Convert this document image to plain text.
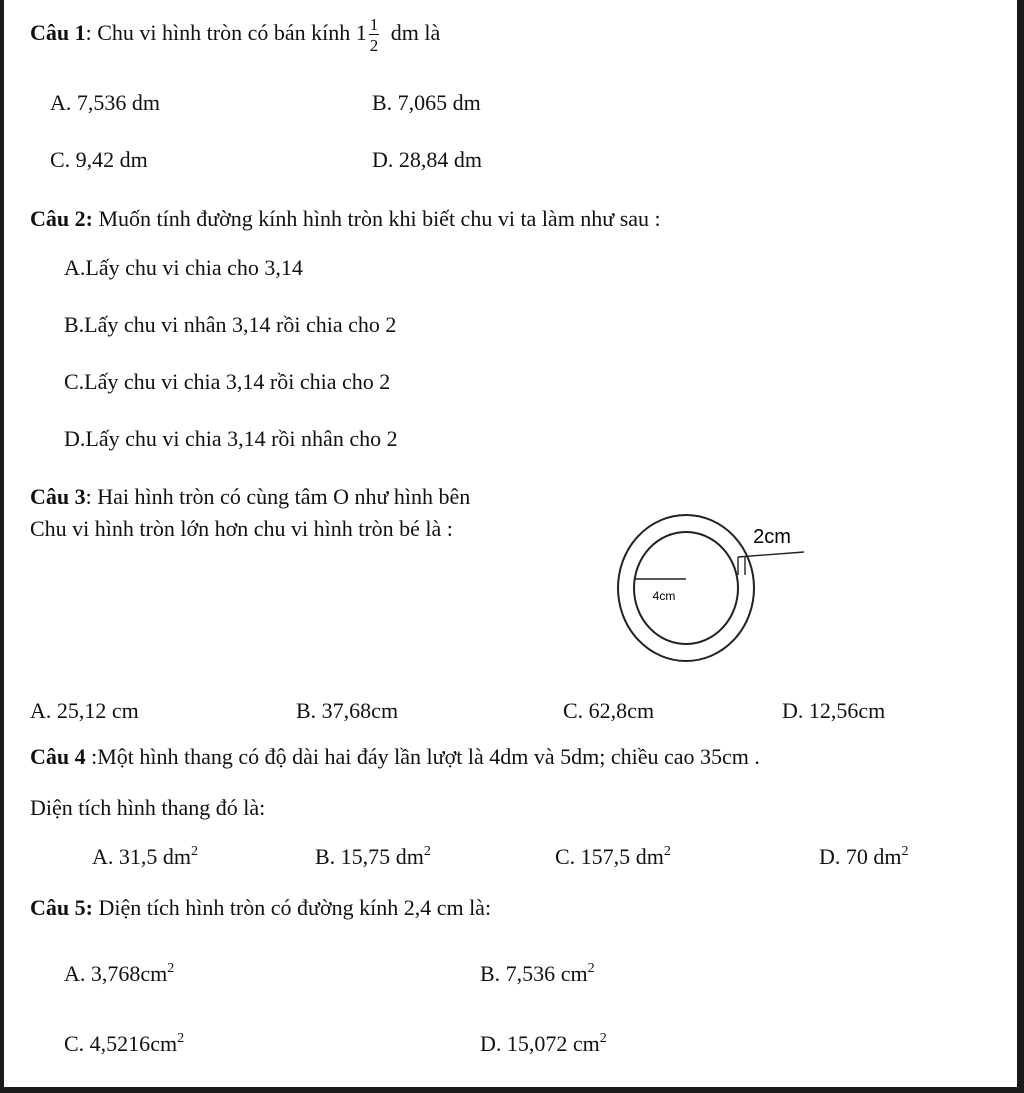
Câu 1: Chu vi hình tròn có bán kính $1 \frac{1}{2}$ dm là
A. 7,536 dm	B. 7,065 dm
C. 9,42 dm	D. 28,84 dm
Câu 2: Muốn tính đường kính hình tròn khi biết chu vi ta làm như sau :
A.Lấy chu vi chia cho 3,14
B.Lấy chu vi nhân 3,14 rồi chia cho 2
C.Lấy chu vi chia 3,14 rồi chia cho 2
D.Lấy chu vi chia 3,14 rồi nhân cho 2
Câu 3: Hai hình tròn có cùng tâm O như hình bên
Chu vi hình tròn lớn hơn chu vi hình tròn bé là :
4cm
2cm
A. 25,12 cm	B. 37,68cm	C. 62,8cm	D. 12,56cm
Câu 4 :Một hình thang có độ dài hai đáy lần lượt là 4dm và 5dm; chiều cao 35cm .
Diện tích hình thang đó là:
A. 31,5 $dm^2$	B. 15,75 $dm^2$	C. 157,5 $dm^2$	D. 70 $dm^2$
Câu 5: Diện tích hình tròn có đường kính 2,4 cm là:
A. $3,768cm^2$	B. 7,536 $cm^2$
C. $4,5216cm^2$	D. 15,072 $cm^2$
